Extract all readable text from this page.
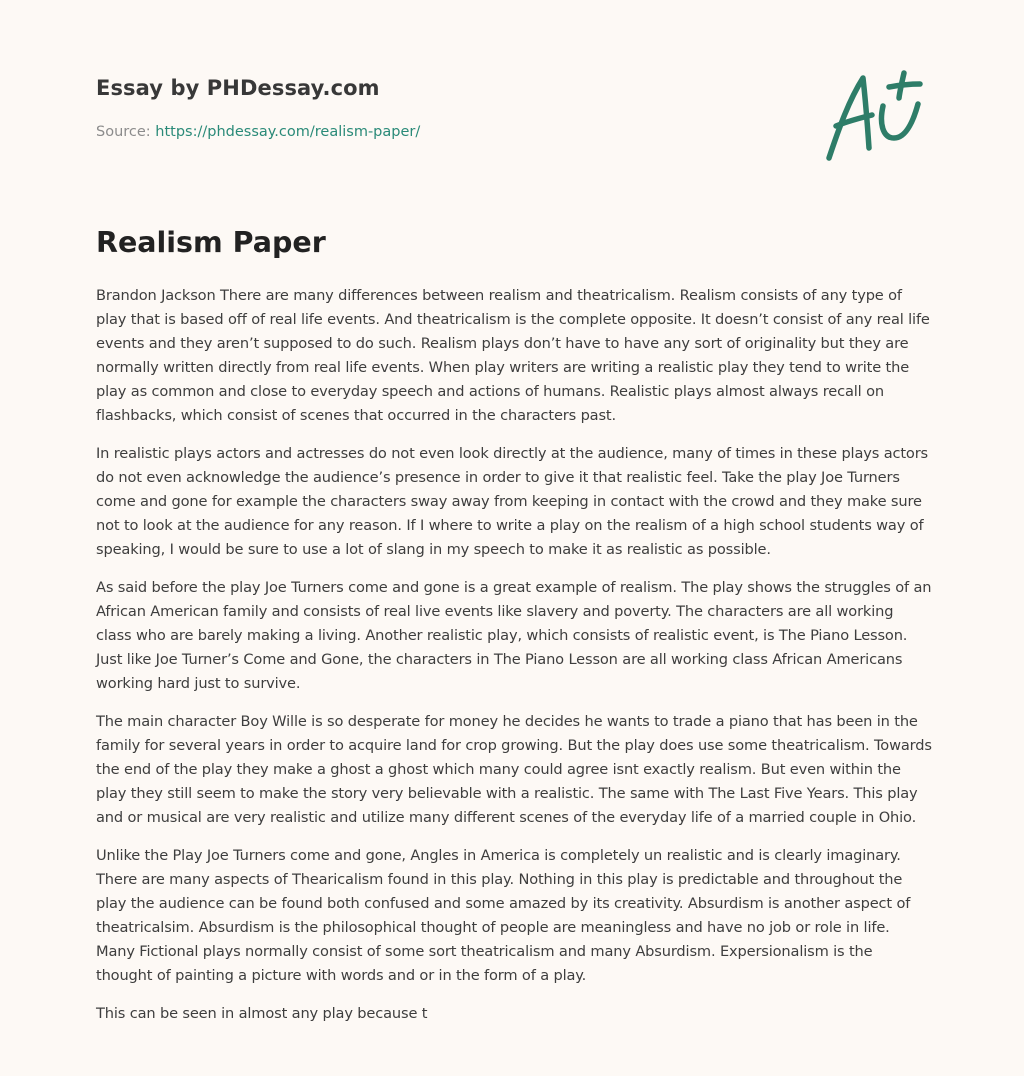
Essay by PHDessay.com
Source: https://phdessay.com/realism-paper/
Realism Paper

Brandon Jackson There are many differences between realism and theatricalism. Realism consists of any type of play that is based off of real life events. And theatricalism is the complete opposite. It doesn’t consist of any real life events and they aren’t supposed to do such. Realism plays don’t have to have any sort of originality but they are normally written directly from real life events. When play writers are writing a realistic play they tend to write the play as common and close to everyday speech and actions of humans. Realistic plays almost always recall on flashbacks, which consist of scenes that occurred in the characters past.

In realistic plays actors and actresses do not even look directly at the audience, many of times in these plays actors do not even acknowledge the audience’s presence in order to give it that realistic feel. Take the play Joe Turners come and gone for example the characters sway away from keeping in contact with the crowd and they make sure not to look at the audience for any reason. If I where to write a play on the realism of a high school students way of speaking, I would be sure to use a lot of slang in my speech to make it as realistic as possible.

As said before the play Joe Turners come and gone is a great example of realism. The play shows the struggles of an African American family and consists of real live events like slavery and poverty. The characters are all working class who are barely making a living. Another realistic play, which consists of realistic event, is The Piano Lesson. Just like Joe Turner’s Come and Gone, the characters in The Piano Lesson are all working class African Americans working hard just to survive.

The main character Boy Wille is so desperate for money he decides he wants to trade a piano that has been in the family for several years in order to acquire land for crop growing. But the play does use some theatricalism. Towards the end of the play they make a ghost a ghost which many could agree isnt exactly realism. But even within the play they still seem to make the story very believable with a realistic. The same with The Last Five Years. This play and or musical are very realistic and utilize many different scenes of the everyday life of a married couple in Ohio.

Unlike the Play Joe Turners come and gone, Angles in America is completely un realistic and is clearly imaginary. There are many aspects of Thearicalism found in this play. Nothing in this play is predictable and throughout the play the audience can be found both confused and some amazed by its creativity. Absurdism is another aspect of theatricalsim. Absurdism is the philosophical thought of people are meaningless and have no job or role in life. Many Fictional plays normally consist of some sort theatricalism and many Absurdism. Expersionalism is the thought of painting a picture with words and or in the form of a play.

This can be seen in almost any play because t
